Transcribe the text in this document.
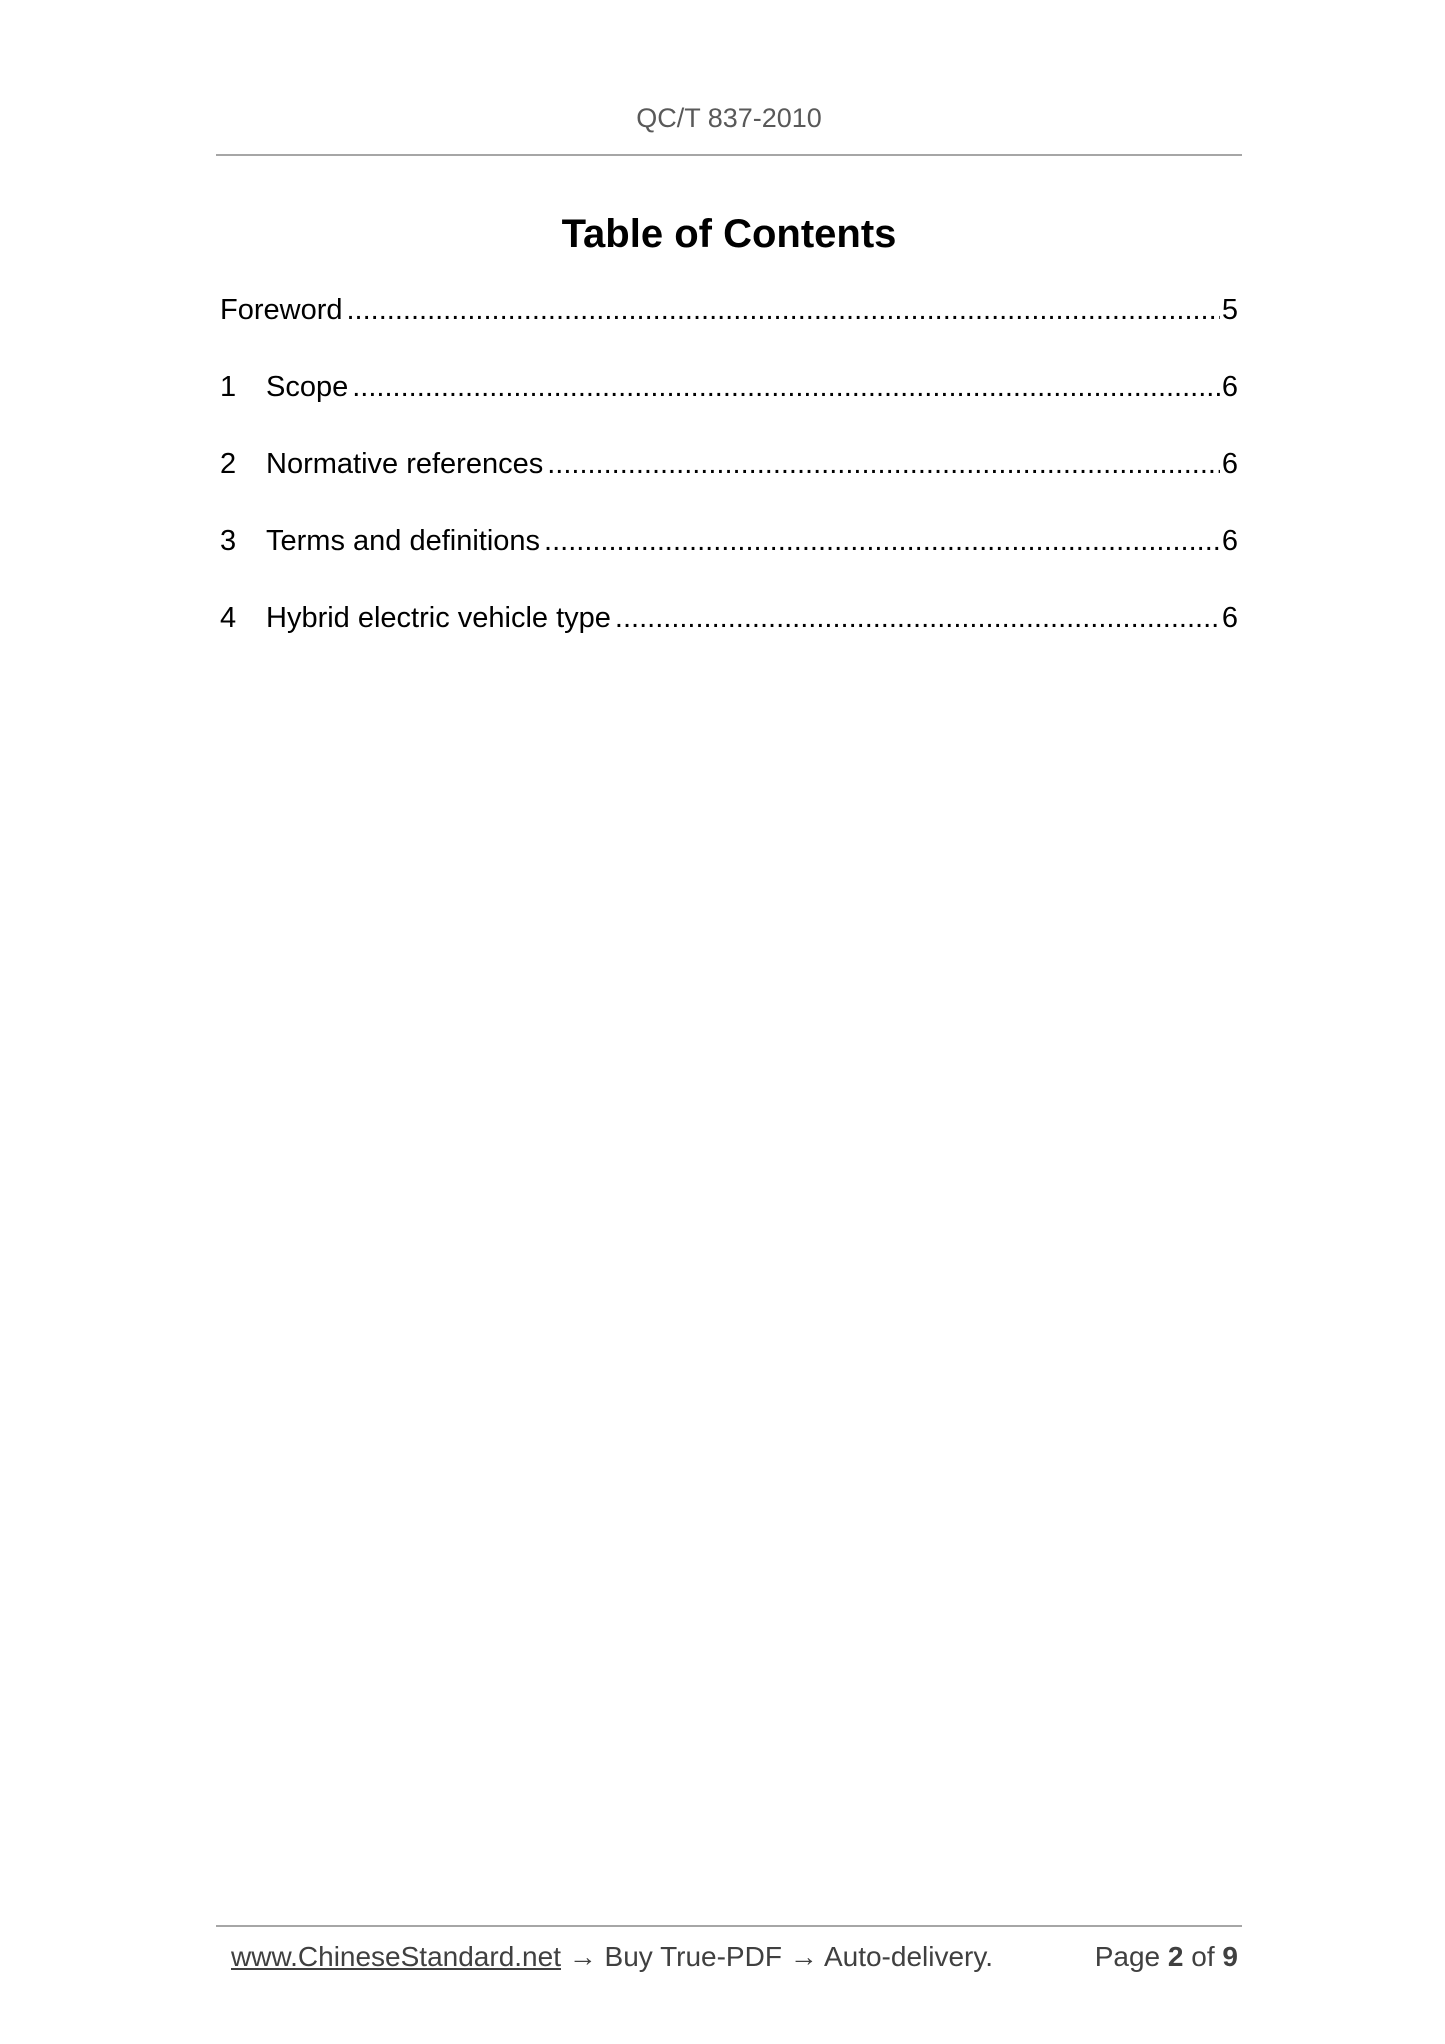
QC/T 837-2010
Table of Contents
Foreword .....	5
1	Scope .....	6
2	Normative references .....	6
3	Terms and definitions .....	6
4	Hybrid electric vehicle type .....	6
www.ChineseStandard.net → Buy True-PDF → Auto-delivery.	Page 2 of 9
